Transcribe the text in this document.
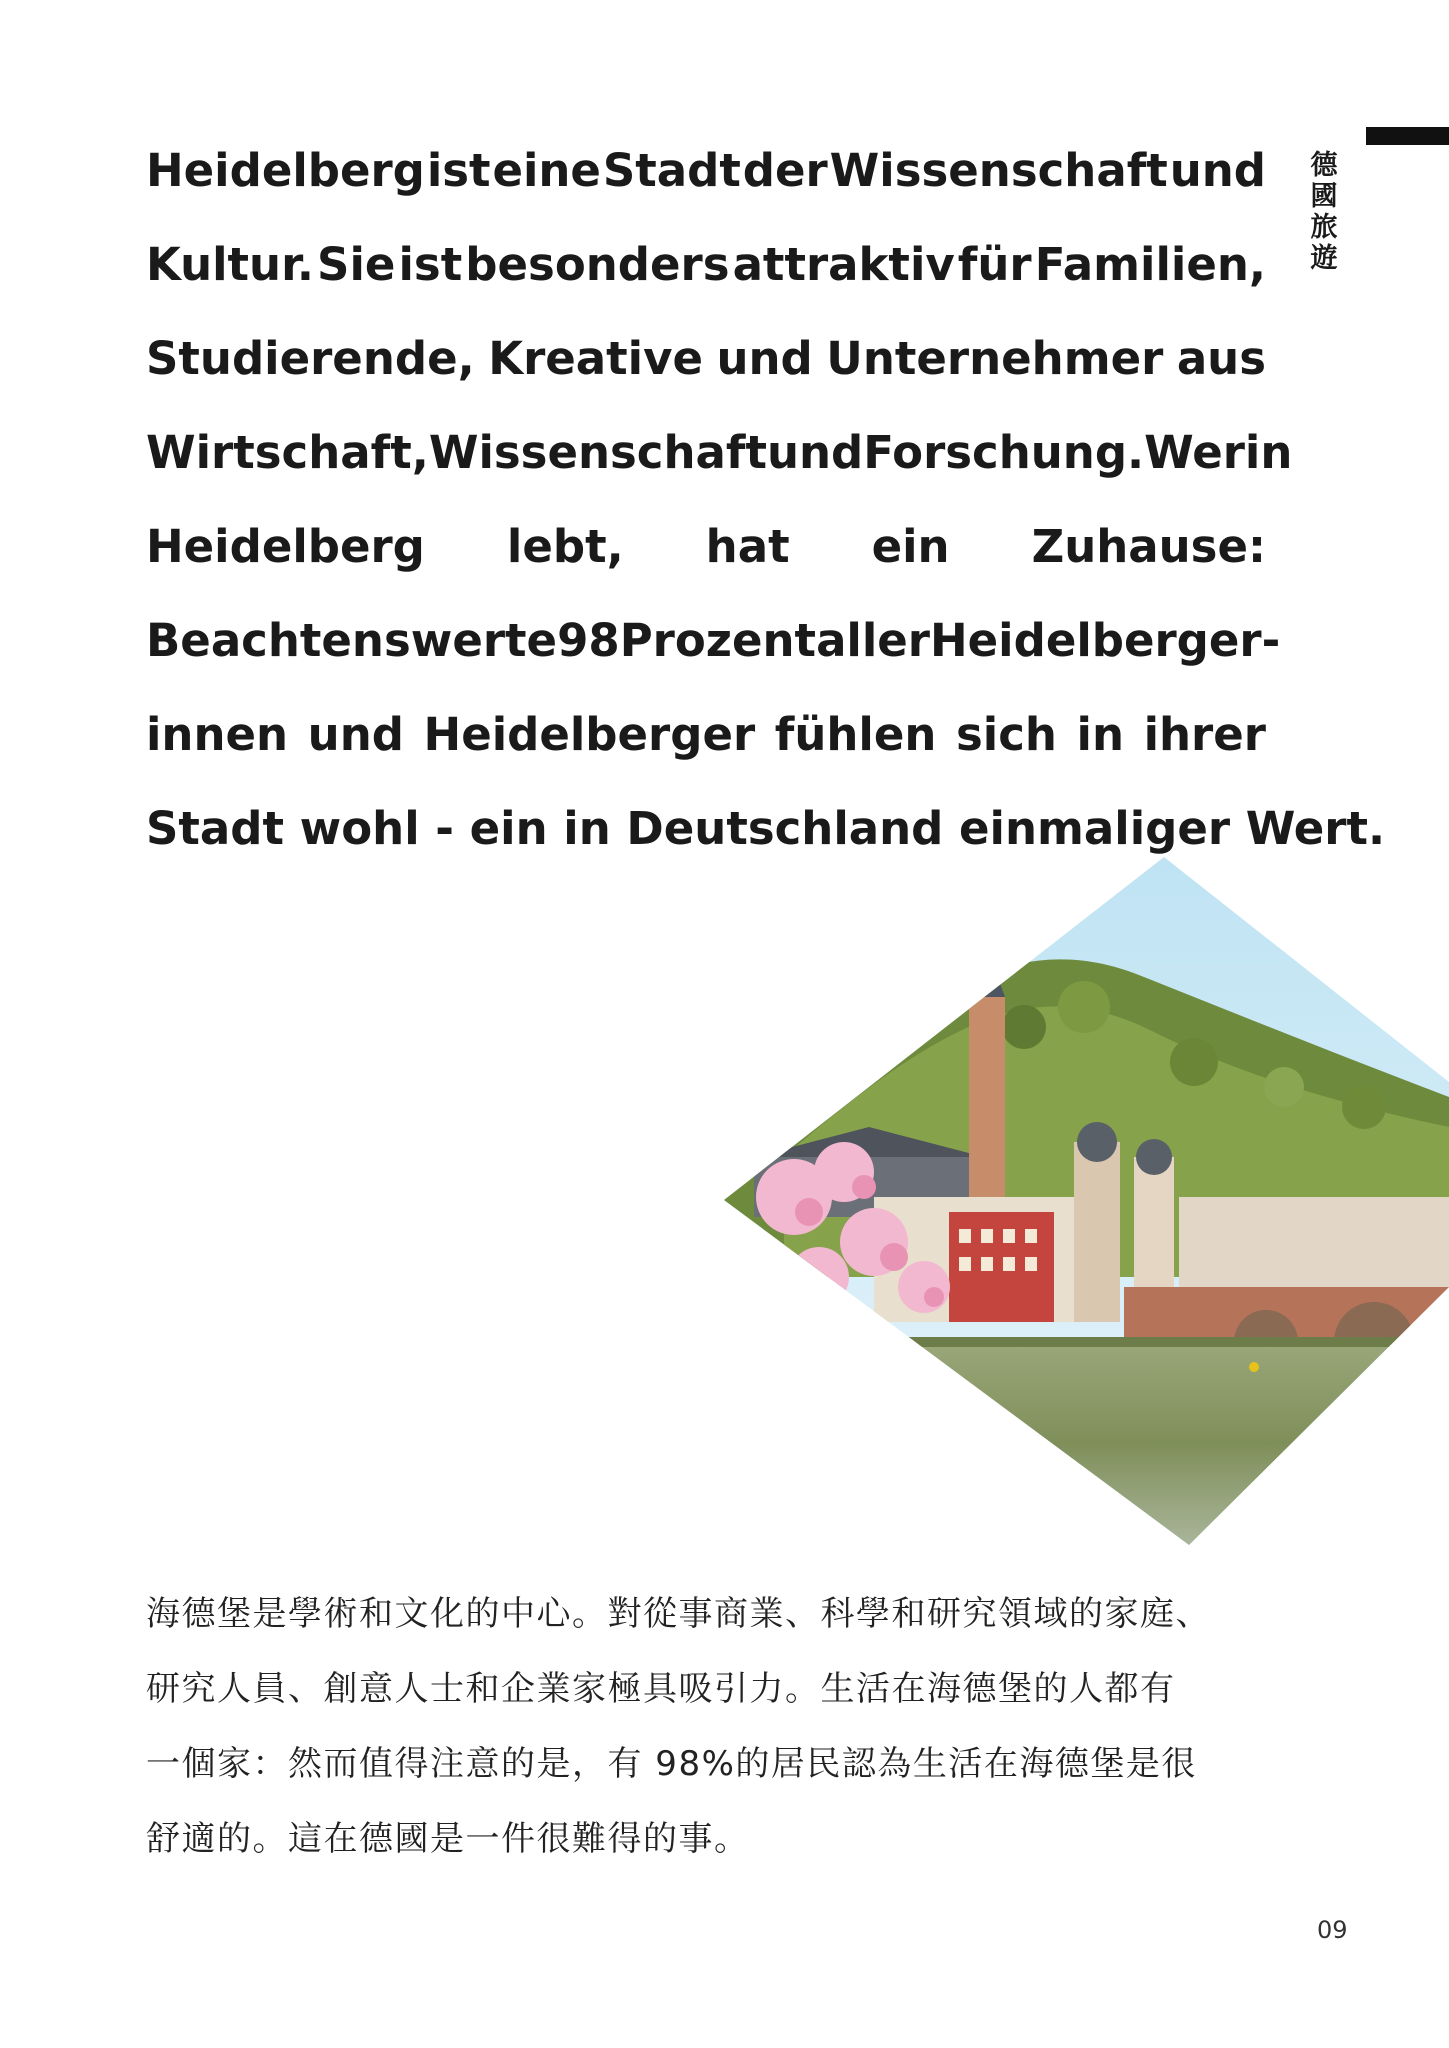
德
國
旅
遊
Heidelberg ist eine Stadt der Wissenschaft und
Kultur. Sie ist besonders attraktiv für Familien,
Studierende, Kreative und Unternehmer aus
Wirtschaft, Wissenschaft und Forschung. Wer in
Heidelberg lebt, hat ein Zuhause:
Beachtenswerte 98 Prozent aller Heidelberger-
innen und Heidelberger fühlen sich in ihrer
Stadt wohl - ein in Deutschland einmaliger Wert.
海德堡是學術和文化的中心。對從事商業、科學和研究領域的家庭、
研究人員、創意人士和企業家極具吸引力。生活在海德堡的人都有
一個家：然而值得注意的是，有 98%的居民認為生活在海德堡是很
舒適的。這在德國是一件很難得的事。
09
